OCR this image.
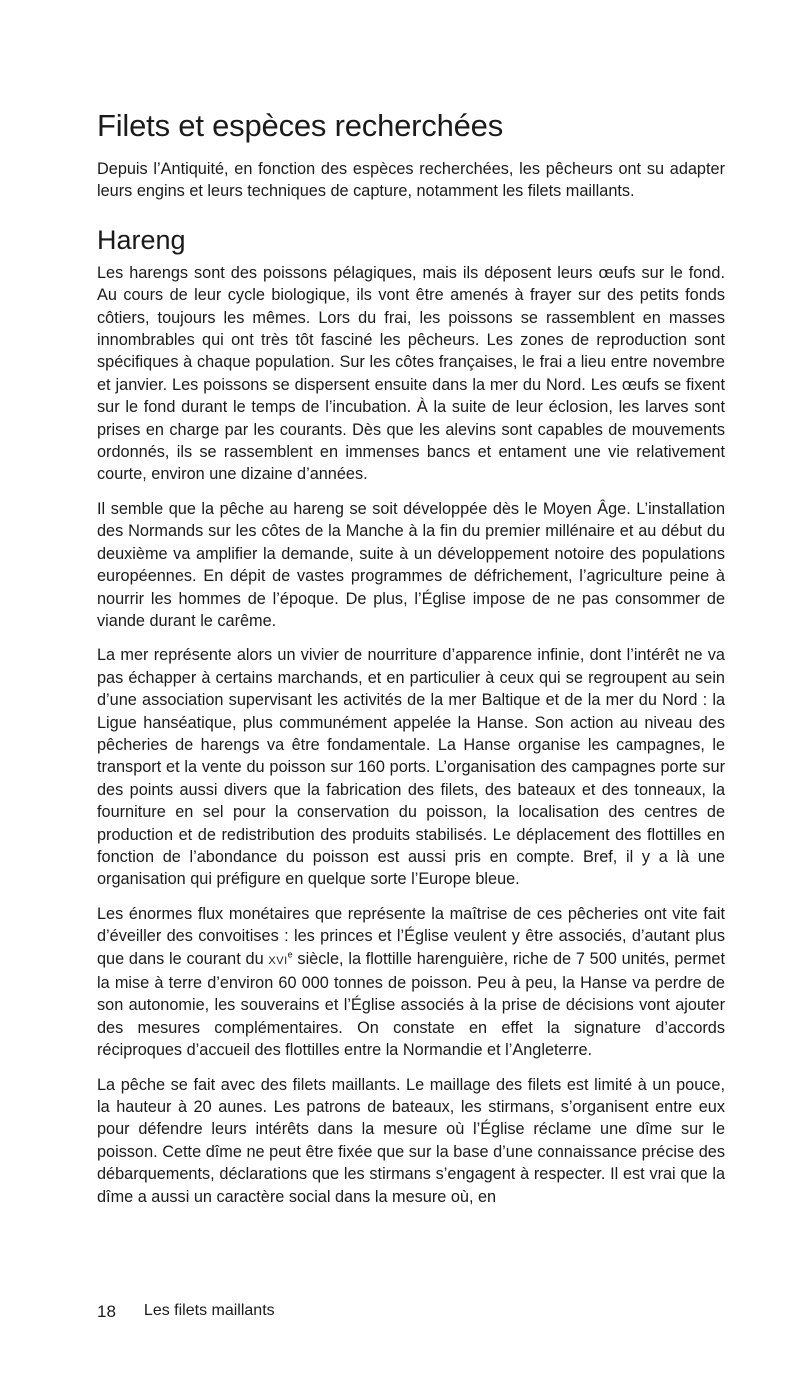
Filets et espèces recherchées

Depuis l’Antiquité, en fonction des espèces recherchées, les pêcheurs ont su adapter leurs engins et leurs techniques de capture, notamment les filets maillants.

Hareng

Les harengs sont des poissons pélagiques, mais ils déposent leurs œufs sur le fond. Au cours de leur cycle biologique, ils vont être amenés à frayer sur des petits fonds côtiers, toujours les mêmes. Lors du frai, les poissons se rassemblent en masses innombrables qui ont très tôt fasciné les pêcheurs. Les zones de reproduction sont spécifiques à chaque population. Sur les côtes françaises, le frai a lieu entre novembre et janvier. Les poissons se dispersent ensuite dans la mer du Nord. Les œufs se fixent sur le fond durant le temps de l’incubation. À la suite de leur éclosion, les larves sont prises en charge par les courants. Dès que les alevins sont capables de mouvements ordonnés, ils se rassemblent en immenses bancs et entament une vie relativement courte, environ une dizaine d’années.

Il semble que la pêche au hareng se soit développée dès le Moyen Âge. L’installation des Normands sur les côtes de la Manche à la fin du premier millénaire et au début du deuxième va amplifier la demande, suite à un développement notoire des populations européennes. En dépit de vastes programmes de défrichement, l’agriculture peine à nourrir les hommes de l’époque. De plus, l’Église impose de ne pas consommer de viande durant le carême.

La mer représente alors un vivier de nourriture d’apparence infinie, dont l’intérêt ne va pas échapper à certains marchands, et en particulier à ceux qui se regroupent au sein d’une association supervisant les activités de la mer Baltique et de la mer du Nord : la Ligue hanséatique, plus communément appelée la Hanse. Son action au niveau des pêcheries de harengs va être fondamentale. La Hanse organise les campagnes, le transport et la vente du poisson sur 160 ports. L’organisation des campagnes porte sur des points aussi divers que la fabrication des filets, des bateaux et des tonneaux, la fourniture en sel pour la conservation du poisson, la localisation des centres de production et de redistribution des produits stabilisés. Le déplacement des flottilles en fonction de l’abondance du poisson est aussi pris en compte. Bref, il y a là une organisation qui préfigure en quelque sorte l’Europe bleue.

Les énormes flux monétaires que représente la maîtrise de ces pêcheries ont vite fait d’éveiller des convoitises : les princes et l’Église veulent y être associés, d’autant plus que dans le courant du XVIe siècle, la flottille harenguière, riche de 7 500 unités, permet la mise à terre d’environ 60 000 tonnes de poisson. Peu à peu, la Hanse va perdre de son autonomie, les souverains et l’Église associés à la prise de décisions vont ajouter des mesures complémentaires. On constate en effet la signature d’accords réciproques d’accueil des flottilles entre la Normandie et l’Angleterre.

La pêche se fait avec des filets maillants. Le maillage des filets est limité à un pouce, la hauteur à 20 aunes. Les patrons de bateaux, les stirmans, s’organisent entre eux pour défendre leurs intérêts dans la mesure où l’Église réclame une dîme sur le poisson. Cette dîme ne peut être fixée que sur la base d’une connaissance précise des débarquements, déclarations que les stirmans s’engagent à respecter. Il est vrai que la dîme a aussi un caractère social dans la mesure où, en

18 Les filets maillants
